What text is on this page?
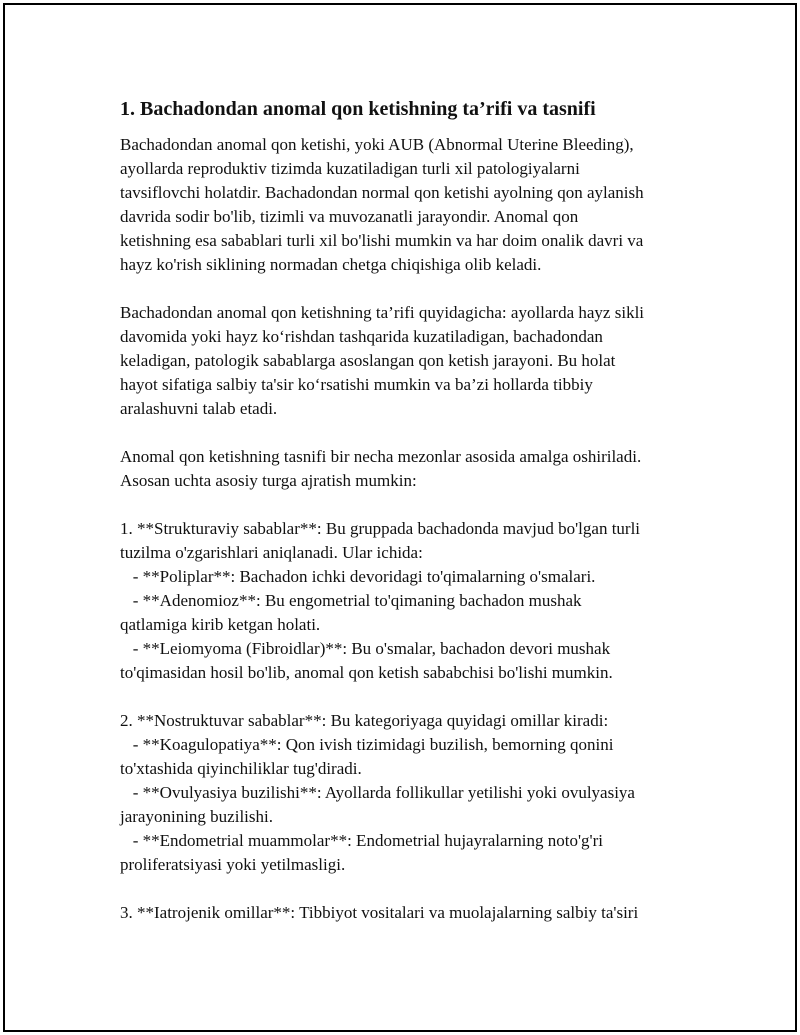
1. Bachadondan anomal qon ketishning ta’rifi va tasnifi
Bachadondan anomal qon ketishi, yoki AUB (Abnormal Uterine Bleeding),
ayollarda reproduktiv tizimda kuzatiladigan turli xil patologiyalarni
tavsiflovchi holatdir. Bachadondan normal qon ketishi ayolning qon aylanish
davrida sodir bo'lib, tizimli va muvozanatli jarayondir. Anomal qon
ketishning esa sabablari turli xil bo'lishi mumkin va har doim onalik davri va
hayz ko'rish siklining normadan chetga chiqishiga olib keladi.
Bachadondan anomal qon ketishning ta’rifi quyidagicha: ayollarda hayz sikli
davomida yoki hayz ko‘rishdan tashqarida kuzatiladigan, bachadondan
keladigan, patologik sabablarga asoslangan qon ketish jarayoni. Bu holat
hayot sifatiga salbiy ta'sir ko‘rsatishi mumkin va ba’zi hollarda tibbiy
aralashuvni talab etadi.
Anomal qon ketishning tasnifi bir necha mezonlar asosida amalga oshiriladi.
Asosan uchta asosiy turga ajratish mumkin:
1. **Strukturaviy sabablar**: Bu gruppada bachadonda mavjud bo'lgan turli
tuzilma o'zgarishlari aniqlanadi. Ular ichida:
- **Poliplar**: Bachadon ichki devoridagi to'qimalarning o'smalari.
- **Adenomioz**: Bu engometrial to'qimaning bachadon mushak
qatlamiga kirib ketgan holati.
- **Leiomyoma (Fibroidlar)**: Bu o'smalar, bachadon devori mushak
to'qimasidan hosil bo'lib, anomal qon ketish sababchisi bo'lishi mumkin.
2. **Nostruktuvar sabablar**: Bu kategoriyaga quyidagi omillar kiradi:
- **Koagulopatiya**: Qon ivish tizimidagi buzilish, bemorning qonini
to'xtashida qiyinchiliklar tug'diradi.
- **Ovulyasiya buzilishi**: Ayollarda follikullar yetilishi yoki ovulyasiya
jarayonining buzilishi.
- **Endometrial muammolar**: Endometrial hujayralarning noto'g'ri
proliferatsiyasi yoki yetilmasligi.
3. **Iatrojenik omillar**: Tibbiyot vositalari va muolajalarning salbiy ta'siri
